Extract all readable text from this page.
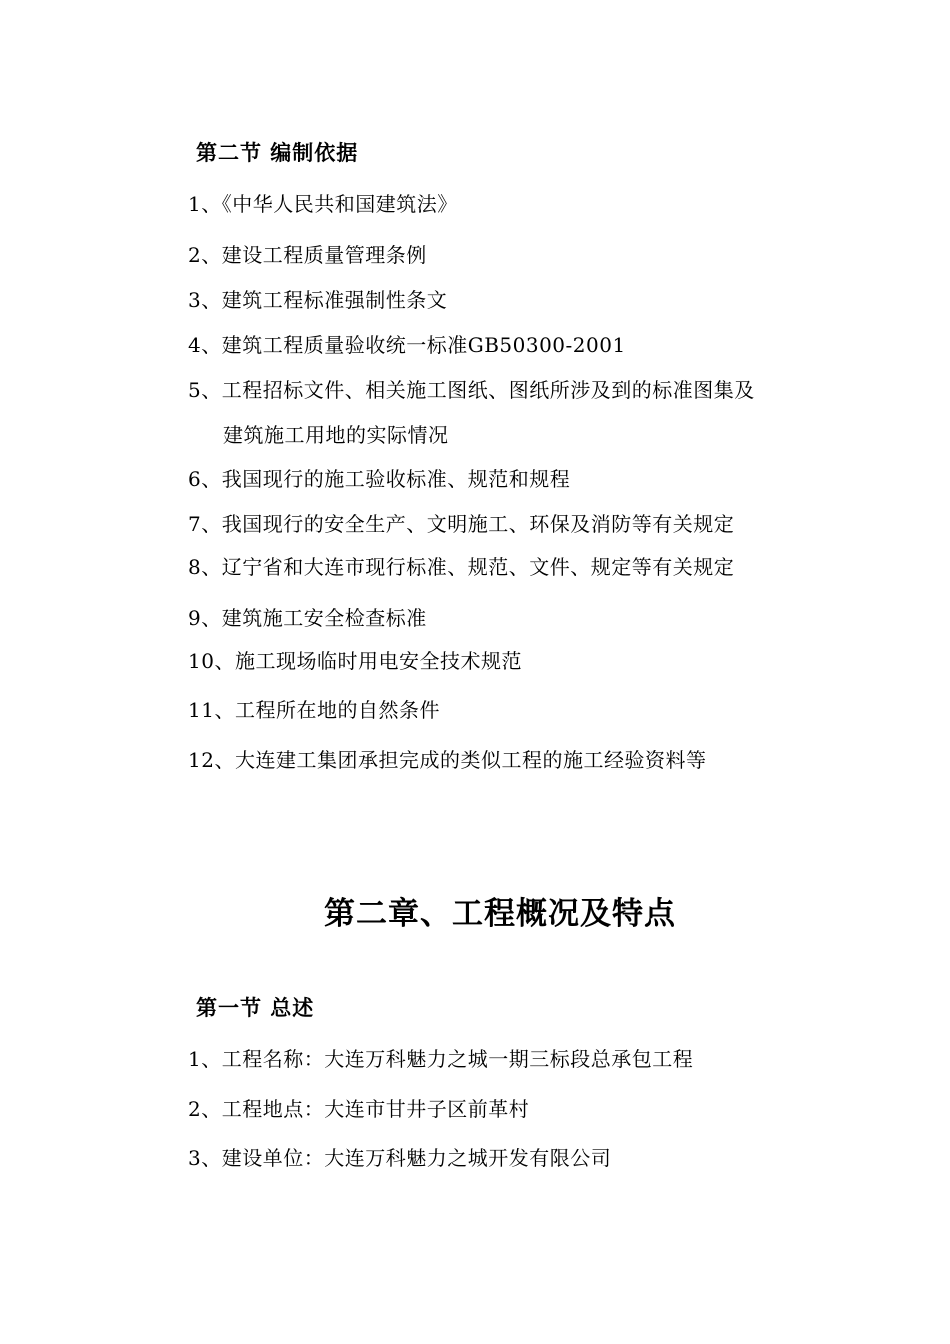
第二节 编制依据
1、《中华人民共和国建筑法》
2、建设工程质量管理条例
3、建筑工程标准强制性条文
4、建筑工程质量验收统一标准GB50300-2001
5、工程招标文件、相关施工图纸、图纸所涉及到的标准图集及
建筑施工用地的实际情况
6、我国现行的施工验收标准、规范和规程
7、我国现行的安全生产、文明施工、环保及消防等有关规定
8、辽宁省和大连市现行标准、规范、文件、规定等有关规定
9、建筑施工安全检查标准
10、施工现场临时用电安全技术规范
11、工程所在地的自然条件
12、大连建工集团承担完成的类似工程的施工经验资料等
第二章、工程概况及特点
第一节 总述
1、工程名称：大连万科魅力之城一期三标段总承包工程
2、工程地点：大连市甘井子区前革村
3、建设单位：大连万科魅力之城开发有限公司
